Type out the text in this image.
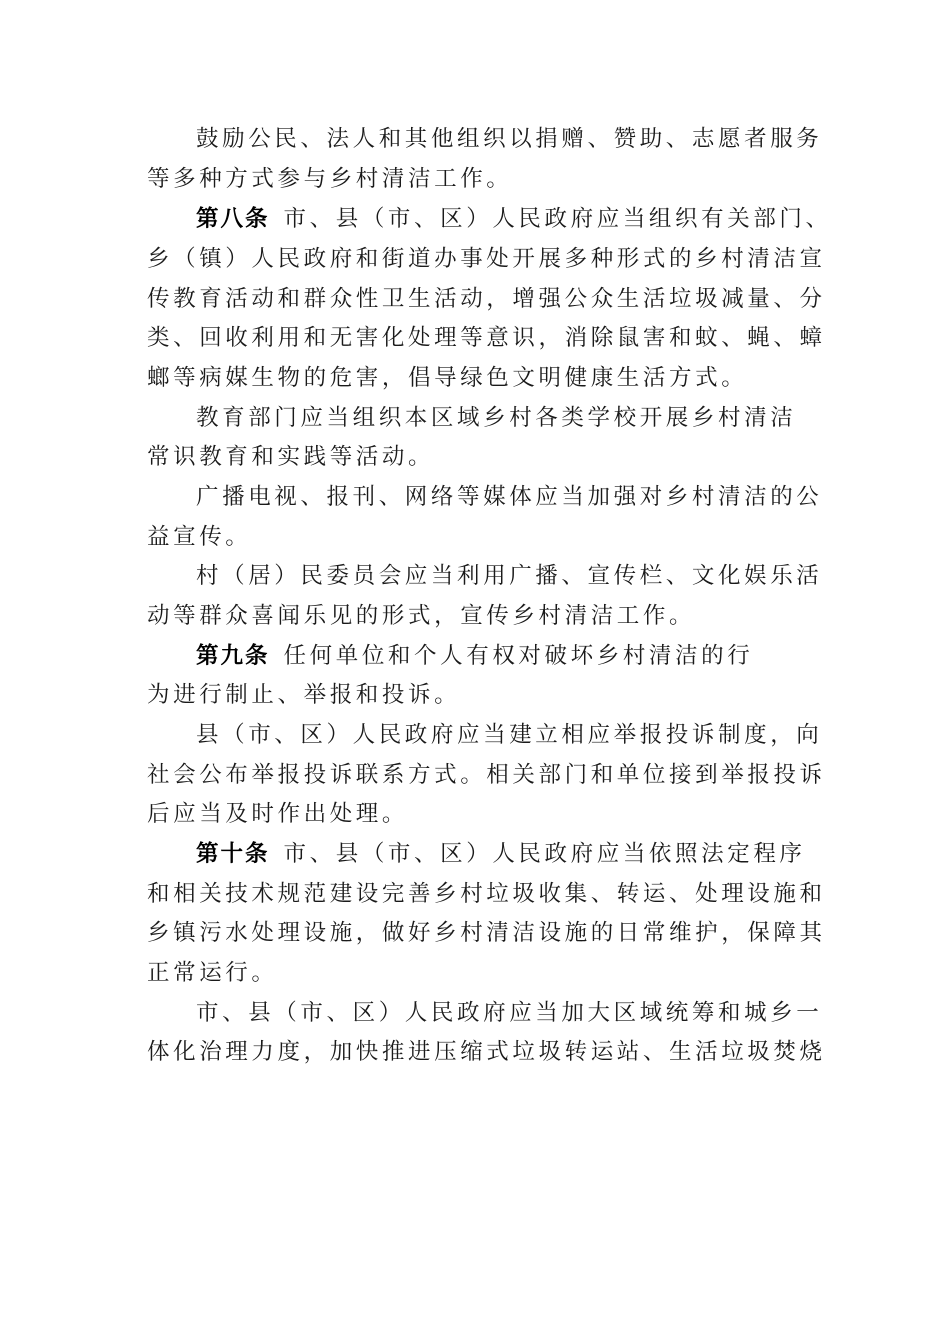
鼓励公民、法人和其他组织以捐赠、赞助、志愿者服务
等多种方式参与乡村清洁工作。
第八条 市、县（市、区）人民政府应当组织有关部门、
乡（镇）人民政府和街道办事处开展多种形式的乡村清洁宣
传教育活动和群众性卫生活动，增强公众生活垃圾减量、分
类、回收利用和无害化处理等意识，消除鼠害和蚊、蝇、蟑
螂等病媒生物的危害，倡导绿色文明健康生活方式。
教育部门应当组织本区域乡村各类学校开展乡村清洁
常识教育和实践等活动。
广播电视、报刊、网络等媒体应当加强对乡村清洁的公
益宣传。
村（居）民委员会应当利用广播、宣传栏、文化娱乐活
动等群众喜闻乐见的形式，宣传乡村清洁工作。
第九条 任何单位和个人有权对破坏乡村清洁的行
为进行制止、举报和投诉。
县（市、区）人民政府应当建立相应举报投诉制度，向
社会公布举报投诉联系方式。相关部门和单位接到举报投诉
后应当及时作出处理。
第十条 市、县（市、区）人民政府应当依照法定程序
和相关技术规范建设完善乡村垃圾收集、转运、处理设施和
乡镇污水处理设施，做好乡村清洁设施的日常维护，保障其
正常运行。
市、县（市、区）人民政府应当加大区域统筹和城乡一
体化治理力度，加快推进压缩式垃圾转运站、生活垃圾焚烧
